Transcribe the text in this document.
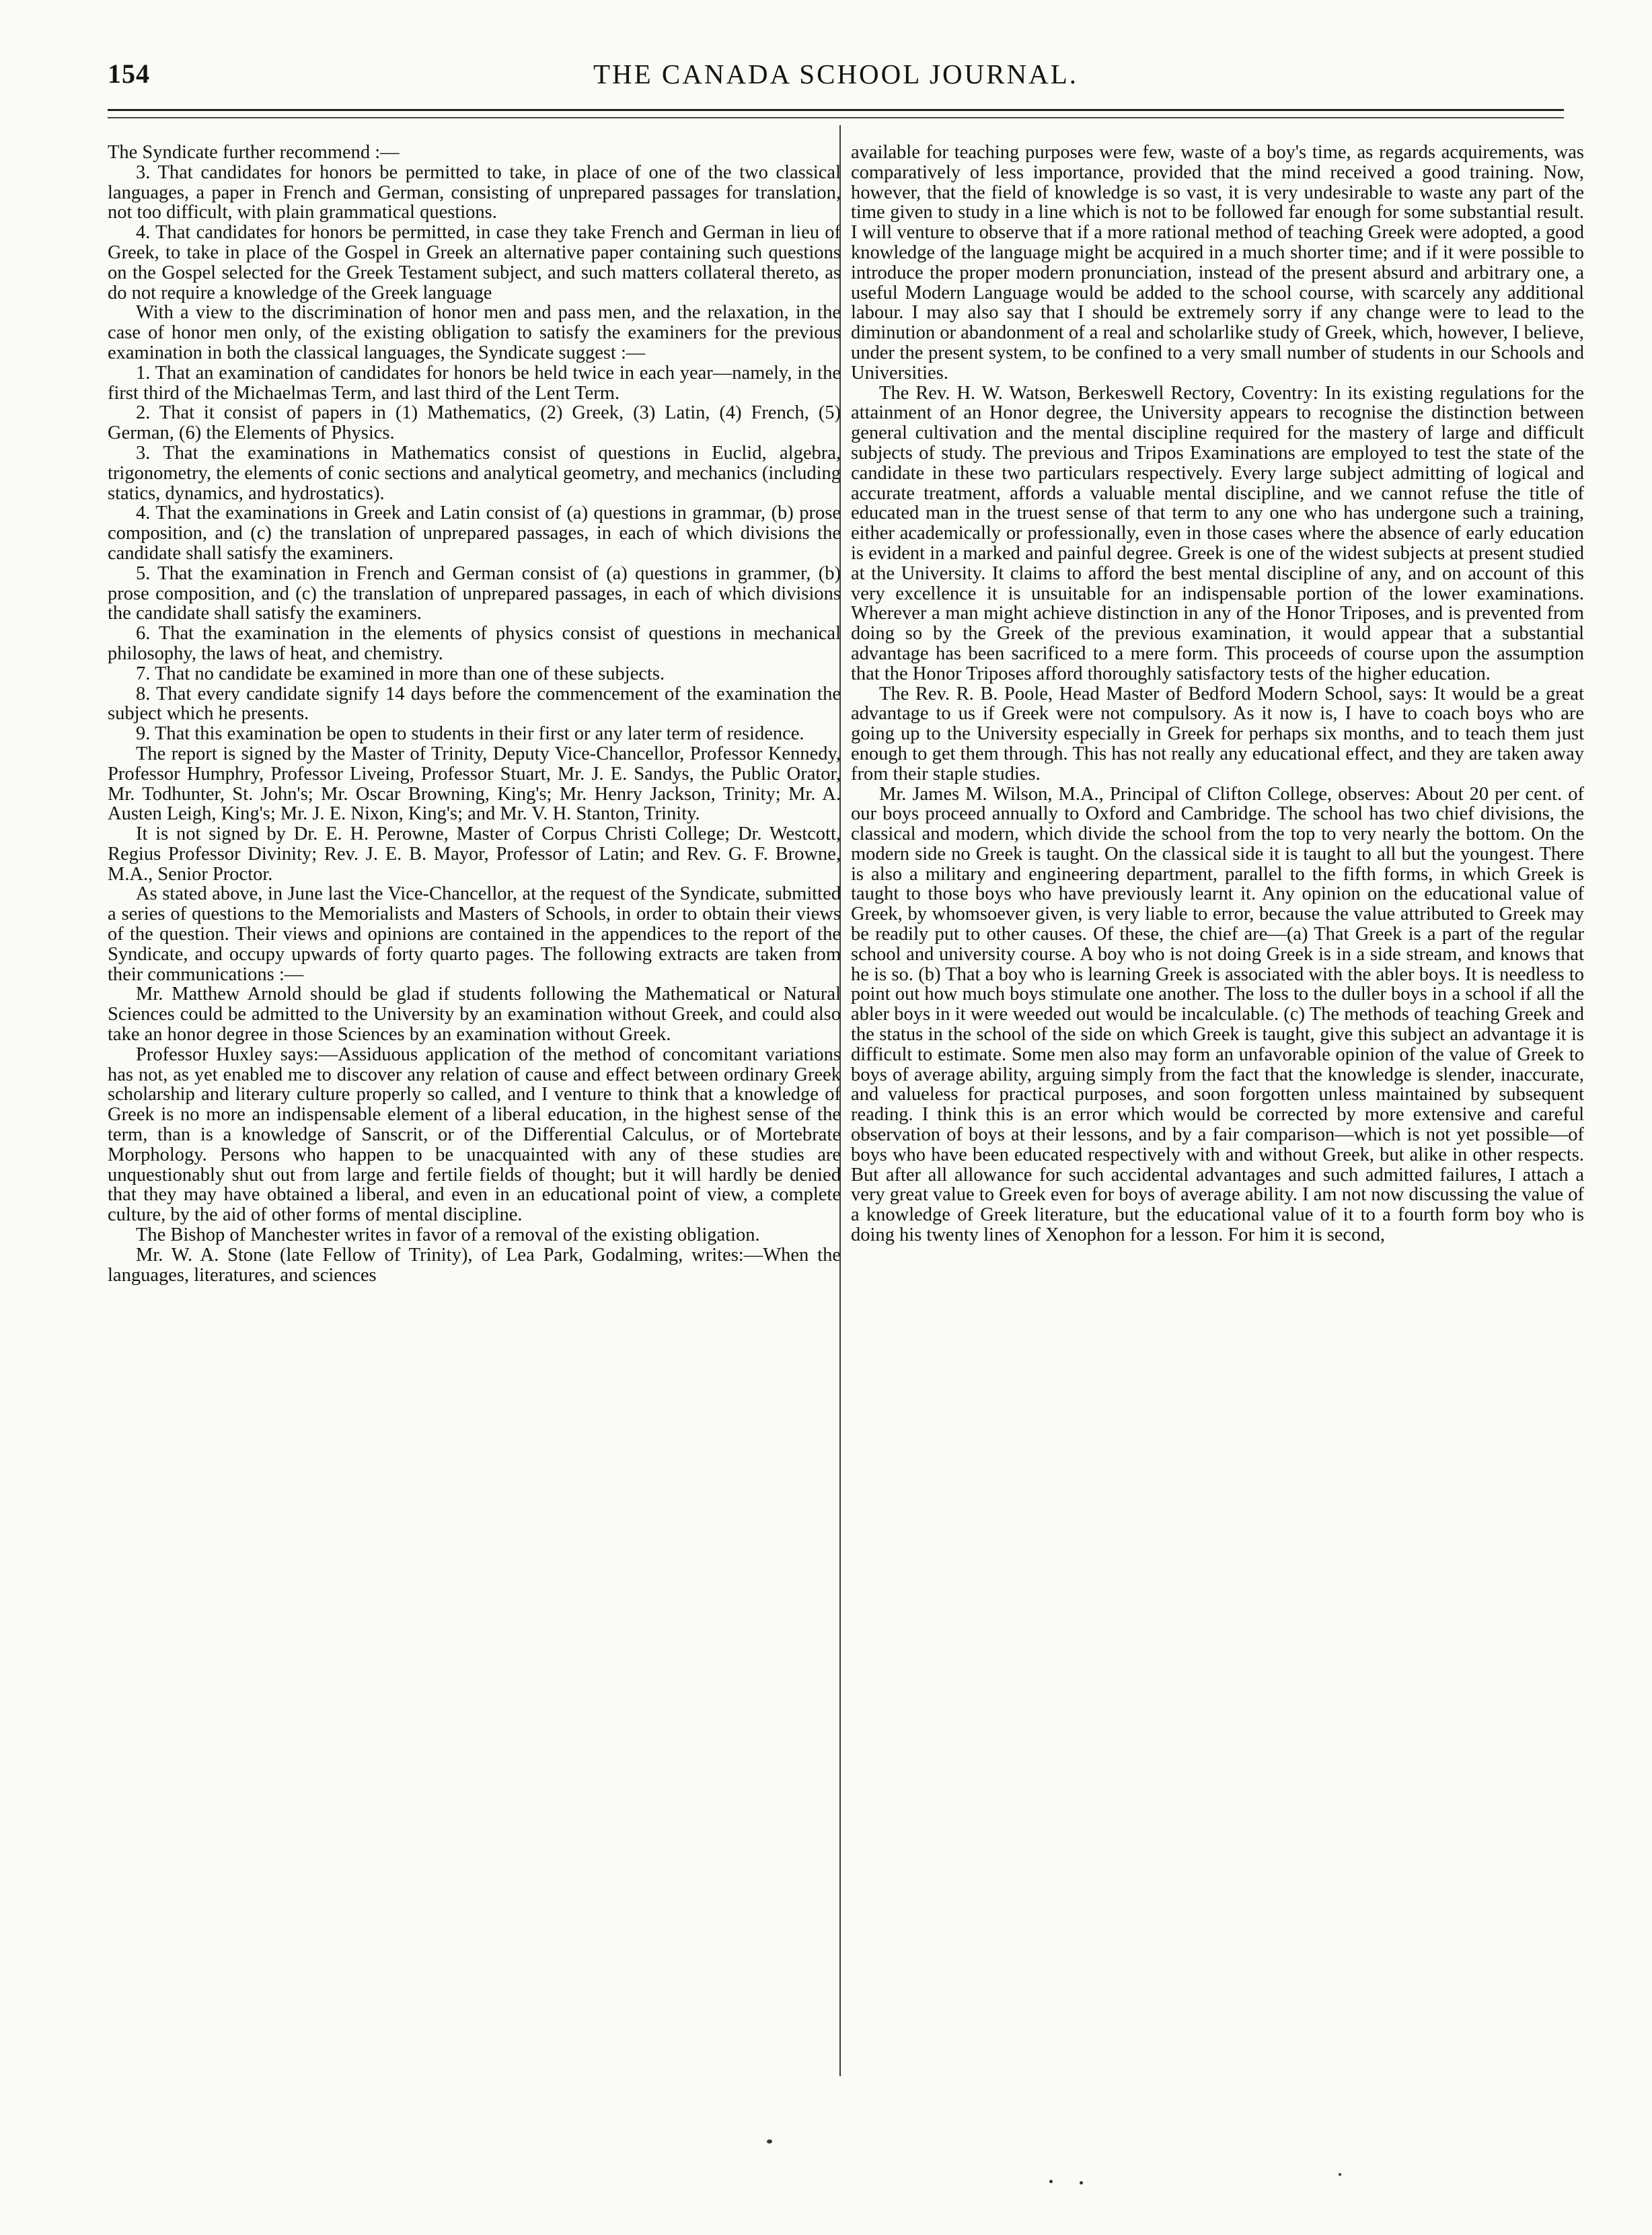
154	THE CANADA SCHOOL JOURNAL.

The Syndicate further recommend :—

3. That candidates for honors be permitted to take, in place of one of the two classical languages, a paper in French and German, consisting of unprepared passages for translation, not too difficult, with plain grammatical questions.

4. That candidates for honors be permitted, in case they take French and German in lieu of Greek, to take in place of the Gospel in Greek an alternative paper containing such questions on the Gospel selected for the Greek Testament subject, and such matters collateral thereto, as do not require a knowledge of the Greek language

With a view to the discrimination of honor men and pass men, and the relaxation, in the case of honor men only, of the existing obligation to satisfy the examiners for the previous examination in both the classical languages, the Syndicate suggest :—

1. That an examination of candidates for honors be held twice in each year—namely, in the first third of the Michaelmas Term, and last third of the Lent Term.

2. That it consist of papers in (1) Mathematics, (2) Greek, (3) Latin, (4) French, (5) German, (6) the Elements of Physics.

3. That the examinations in Mathematics consist of questions in Euclid, algebra, trigonometry, the elements of conic sections and analytical geometry, and mechanics (including statics, dynamics, and hydrostatics).

4. That the examinations in Greek and Latin consist of (a) questions in grammar, (b) prose composition, and (c) the translation of unprepared passages, in each of which divisions the candidate shall satisfy the examiners.

5. That the examination in French and German consist of (a) questions in grammer, (b) prose composition, and (c) the translation of unprepared passages, in each of which divisions the candidate shall satisfy the examiners.

6. That the examination in the elements of physics consist of questions in mechanical philosophy, the laws of heat, and chemistry.

7. That no candidate be examined in more than one of these subjects.

8. That every candidate signify 14 days before the commencement of the examination the subject which he presents.

9. That this examination be open to students in their first or any later term of residence.

The report is signed by the Master of Trinity, Deputy Vice-Chancellor, Professor Kennedy, Professor Humphry, Professor Liveing, Professor Stuart, Mr. J. E. Sandys, the Public Orator, Mr. Todhunter, St. John's; Mr. Oscar Browning, King's; Mr. Henry Jackson, Trinity; Mr. A. Austen Leigh, King's; Mr. J. E. Nixon, King's; and Mr. V. H. Stanton, Trinity.

It is not signed by Dr. E. H. Perowne, Master of Corpus Christi College; Dr. Westcott, Regius Professor Divinity; Rev. J. E. B. Mayor, Professor of Latin; and Rev. G. F. Browne, M.A., Senior Proctor.

As stated above, in June last the Vice-Chancellor, at the request of the Syndicate, submitted a series of questions to the Memorialists and Masters of Schools, in order to obtain their views of the question. Their views and opinions are contained in the appendices to the report of the Syndicate, and occupy upwards of forty quarto pages. The following extracts are taken from their communications :—

Mr. Matthew Arnold should be glad if students following the Mathematical or Natural Sciences could be admitted to the University by an examination without Greek, and could also take an honor degree in those Sciences by an examination without Greek.

Professor Huxley says:—Assiduous application of the method of concomitant variations has not, as yet enabled me to discover any relation of cause and effect between ordinary Greek scholarship and literary culture properly so called, and I venture to think that a knowledge of Greek is no more an indispensable element of a liberal education, in the highest sense of the term, than is a knowledge of Sanscrit, or of the Differential Calculus, or of Mortebrate Morphology. Persons who happen to be unacquainted with any of these studies are unquestionably shut out from large and fertile fields of thought; but it will hardly be denied that they may have obtained a liberal, and even in an educational point of view, a complete culture, by the aid of other forms of mental discipline.

The Bishop of Manchester writes in favor of a removal of the existing obligation.

Mr. W. A. Stone (late Fellow of Trinity), of Lea Park, Godalming, writes:—When the languages, literatures, and sciences

available for teaching purposes were few, waste of a boy's time, as regards acquirements, was comparatively of less importance, provided that the mind received a good training. Now, however, that the field of knowledge is so vast, it is very undesirable to waste any part of the time given to study in a line which is not to be followed far enough for some substantial result. I will venture to observe that if a more rational method of teaching Greek were adopted, a good knowledge of the language might be acquired in a much shorter time; and if it were possible to introduce the proper modern pronunciation, instead of the present absurd and arbitrary one, a useful Modern Language would be added to the school course, with scarcely any additional labour. I may also say that I should be extremely sorry if any change were to lead to the diminution or abandonment of a real and scholarlike study of Greek, which, however, I believe, under the present system, to be confined to a very small number of students in our Schools and Universities.

The Rev. H. W. Watson, Berkeswell Rectory, Coventry: In its existing regulations for the attainment of an Honor degree, the University appears to recognise the distinction between general cultivation and the mental discipline required for the mastery of large and difficult subjects of study. The previous and Tripos Examinations are employed to test the state of the candidate in these two particulars respectively. Every large subject admitting of logical and accurate treatment, affords a valuable mental discipline, and we cannot refuse the title of educated man in the truest sense of that term to any one who has undergone such a training, either academically or professionally, even in those cases where the absence of early education is evident in a marked and painful degree. Greek is one of the widest subjects at present studied at the University. It claims to afford the best mental discipline of any, and on account of this very excellence it is unsuitable for an indispensable portion of the lower examinations. Wherever a man might achieve distinction in any of the Honor Triposes, and is prevented from doing so by the Greek of the previous examination, it would appear that a substantial advantage has been sacrificed to a mere form. This proceeds of course upon the assumption that the Honor Triposes afford thoroughly satisfactory tests of the higher education.

The Rev. R. B. Poole, Head Master of Bedford Modern School, says: It would be a great advantage to us if Greek were not compulsory. As it now is, I have to coach boys who are going up to the University especially in Greek for perhaps six months, and to teach them just enough to get them through. This has not really any educational effect, and they are taken away from their staple studies.

Mr. James M. Wilson, M.A., Principal of Clifton College, observes: About 20 per cent. of our boys proceed annually to Oxford and Cambridge. The school has two chief divisions, the classical and modern, which divide the school from the top to very nearly the bottom. On the modern side no Greek is taught. On the classical side it is taught to all but the youngest. There is also a military and engineering department, parallel to the fifth forms, in which Greek is taught to those boys who have previously learnt it. Any opinion on the educational value of Greek, by whomsoever given, is very liable to error, because the value attributed to Greek may be readily put to other causes. Of these, the chief are—(a) That Greek is a part of the regular school and university course. A boy who is not doing Greek is in a side stream, and knows that he is so. (b) That a boy who is learning Greek is associated with the abler boys. It is needless to point out how much boys stimulate one another. The loss to the duller boys in a school if all the abler boys in it were weeded out would be incalculable. (c) The methods of teaching Greek and the status in the school of the side on which Greek is taught, give this subject an advantage it is difficult to estimate. Some men also may form an unfavorable opinion of the value of Greek to boys of average ability, arguing simply from the fact that the knowledge is slender, inaccurate, and valueless for practical purposes, and soon forgotten unless maintained by subsequent reading. I think this is an error which would be corrected by more extensive and careful observation of boys at their lessons, and by a fair comparison—which is not yet possible—of boys who have been educated respectively with and without Greek, but alike in other respects. But after all allowance for such accidental advantages and such admitted failures, I attach a very great value to Greek even for boys of average ability. I am not now discussing the value of a knowledge of Greek literature, but the educational value of it to a fourth form boy who is doing his twenty lines of Xenophon for a lesson. For him it is second,
